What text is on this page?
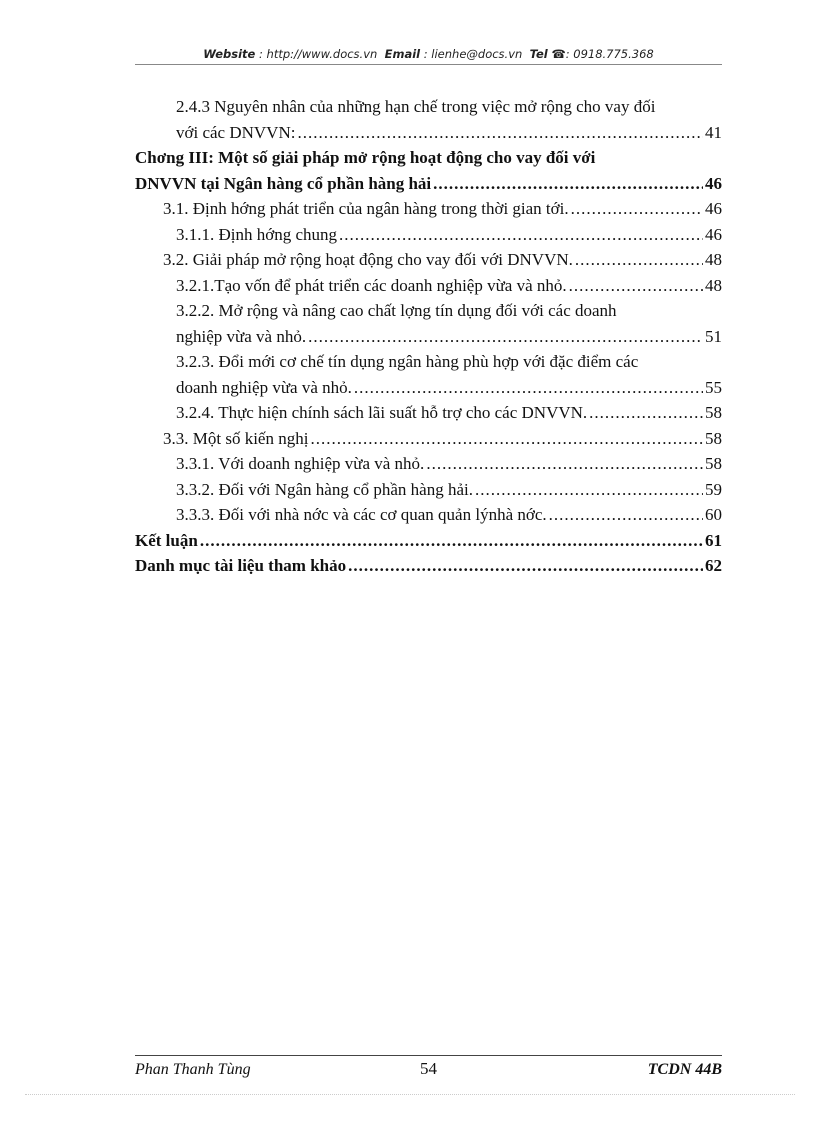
Website : http://www.docs.vn Email : lienhe@docs.vn Tel ☎: 0918.775.368
2.4.3 Nguyên nhân của những hạn chế trong việc mở rộng cho vay đối
với các DNVVN: .....	41
Chơng III: Một số giải pháp mở rộng hoạt động cho vay đối với
DNVVN tại Ngân hàng cổ phần hàng hải .....	46
3.1. Định hớng phát triển của ngân hàng trong thời gian tới. .....	46
3.1.1. Định hớng chung .....	46
3.2. Giải pháp mở rộng hoạt động cho vay đối với DNVVN. .....	48
3.2.1.Tạo vốn để phát triển các doanh nghiệp vừa và nhỏ. .....	48
3.2.2. Mở rộng và nâng cao chất lợng tín dụng đối với các doanh
nghiệp vừa và nhỏ. .....	51
3.2.3. Đổi mới cơ chế tín dụng ngân hàng phù hợp với đặc điểm các
doanh nghiệp vừa và nhỏ. .....	55
3.2.4. Thực hiện chính sách lãi suất hỗ trợ cho các DNVVN. .....	58
3.3. Một số kiến nghị .....	58
3.3.1. Với doanh nghiệp vừa và nhỏ. .....	58
3.3.2. Đối với Ngân hàng cổ phần hàng hải. .....	59
3.3.3. Đối với nhà nớc và các cơ quan quản lýnhà nớc. .....	60
Kết luận .....	61
Danh mục tài liệu tham khảo .....	62
Phan Thanh Tùng	54	TCDN 44B
